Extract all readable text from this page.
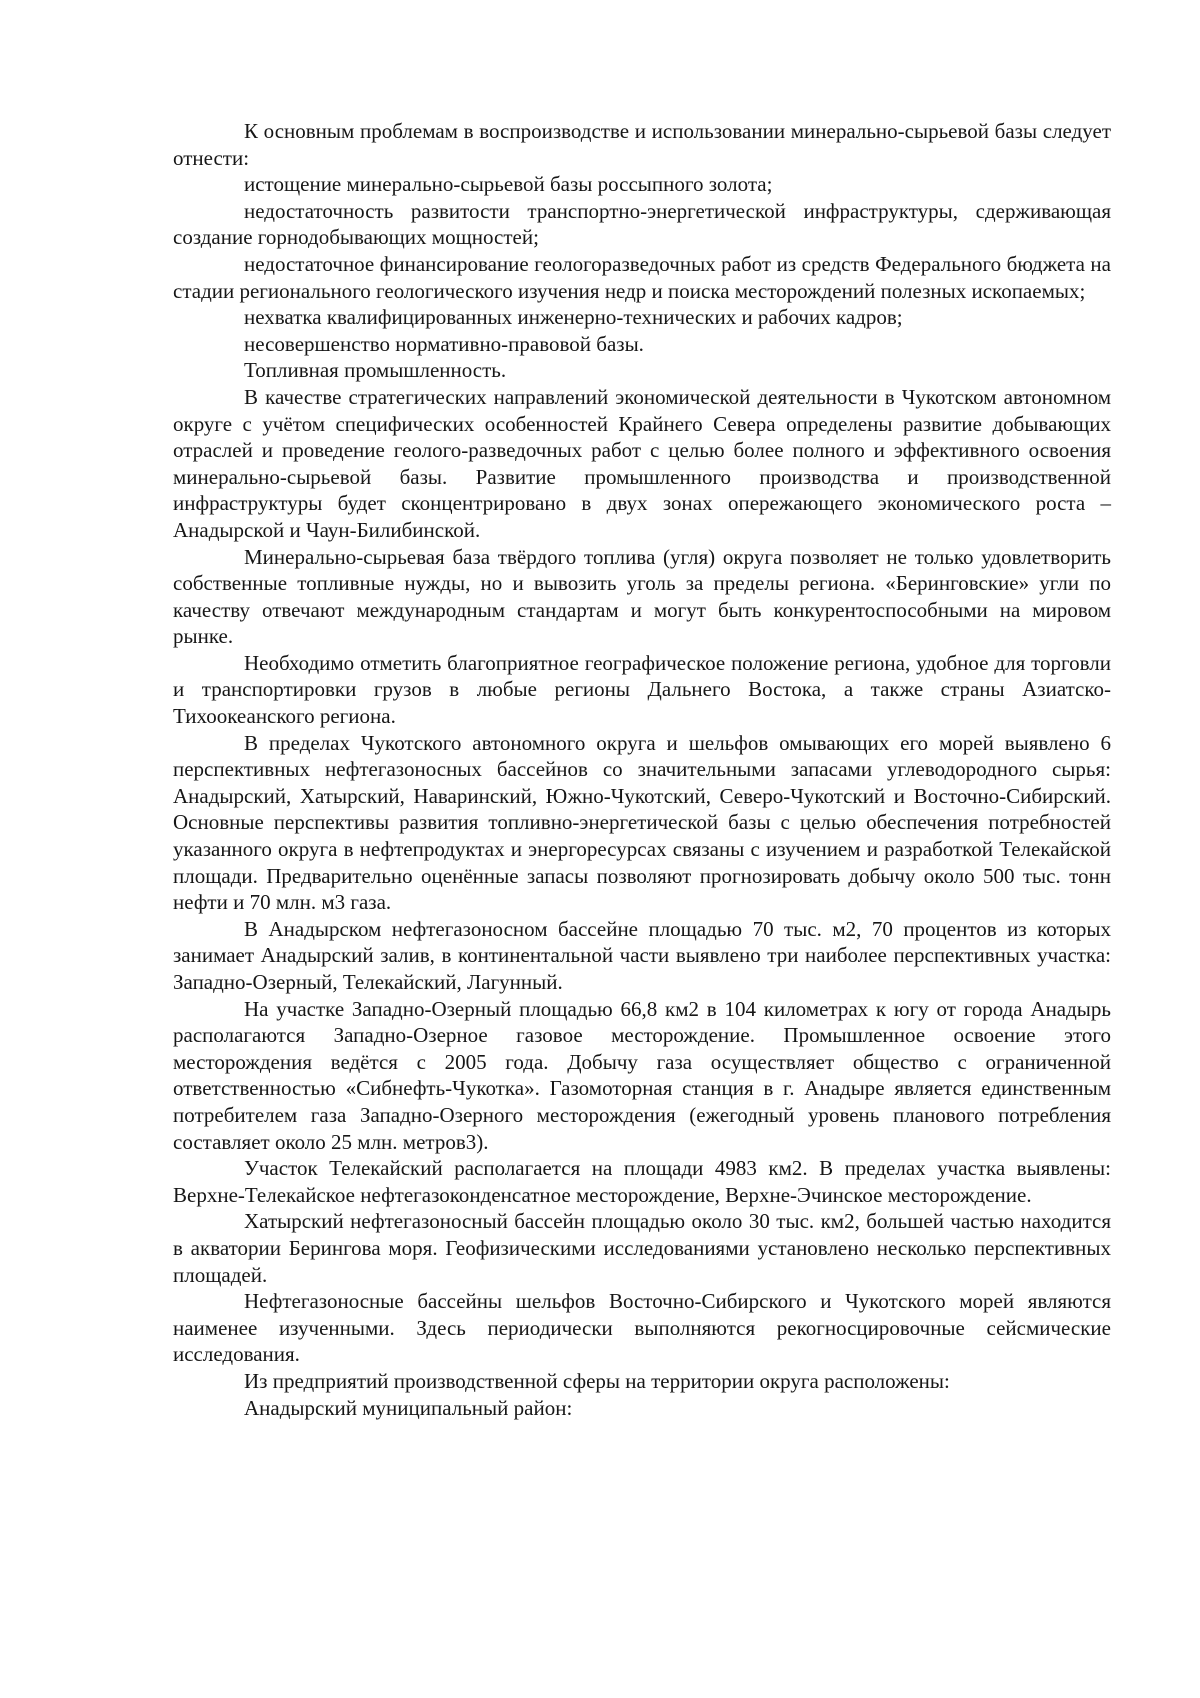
К основным проблемам в воспроизводстве и использовании минерально-сырьевой базы следует отнести:

истощение минерально-сырьевой базы россыпного золота;

недостаточность развитости транспортно-энергетической инфраструктуры, сдерживающая создание горнодобывающих мощностей;

недостаточное финансирование геологоразведочных работ из средств Федерального бюджета на стадии регионального геологического изучения недр и поиска месторождений полезных ископаемых;

нехватка квалифицированных инженерно-технических и рабочих кадров;

несовершенство нормативно-правовой базы.

Топливная промышленность.

В качестве стратегических направлений экономической деятельности в Чукотском автономном округе с учётом специфических особенностей Крайнего Севера определены развитие добывающих отраслей и проведение геолого-разведочных работ с целью более полного и эффективного освоения минерально-сырьевой базы. Развитие промышленного производства и производственной инфраструктуры будет сконцентрировано в двух зонах опережающего экономического роста – Анадырской и Чаун-Билибинской.

Минерально-сырьевая база твёрдого топлива (угля) округа позволяет не только удовлетворить собственные топливные нужды, но и вывозить уголь за пределы региона. «Беринговские» угли по качеству отвечают международным стандартам и могут быть конкурентоспособными на мировом рынке.

Необходимо отметить благоприятное географическое положение региона, удобное для торговли и транспортировки грузов в любые регионы Дальнего Востока, а также страны Азиатско-Тихоокеанского региона.

В пределах Чукотского автономного округа и шельфов омывающих его морей выявлено 6 перспективных нефтегазоносных бассейнов со значительными запасами углеводородного сырья: Анадырский, Хатырский, Наваринский, Южно-Чукотский, Северо-Чукотский и Восточно-Сибирский. Основные перспективы развития топливно-энергетической базы с целью обеспечения потребностей указанного округа в нефтепродуктах и энергоресурсах связаны с изучением и разработкой Телекайской площади. Предварительно оценённые запасы позволяют прогнозировать добычу около 500 тыс. тонн нефти и 70 млн. м3 газа.

В Анадырском нефтегазоносном бассейне площадью 70 тыс. м2, 70 процентов из которых занимает Анадырский залив, в континентальной части выявлено три наиболее перспективных участка: Западно-Озерный, Телекайский, Лагунный.

На участке Западно-Озерный площадью 66,8 км2 в 104 километрах к югу от города Анадырь располагаются Западно-Озерное газовое месторождение. Промышленное освоение этого месторождения ведётся с 2005 года. Добычу газа осуществляет общество с ограниченной ответственностью «Сибнефть-Чукотка». Газомоторная станция в г. Анадыре является единственным потребителем газа Западно-Озерного месторождения (ежегодный уровень планового потребления составляет около 25 млн. метров3).

Участок Телекайский располагается на площади 4983 км2. В пределах участка выявлены: Верхне-Телекайское нефтегазоконденсатное месторождение, Верхне-Эчинское месторождение.

Хатырский нефтегазоносный бассейн площадью около 30 тыс. км2, большей частью находится в акватории Берингова моря. Геофизическими исследованиями установлено несколько перспективных площадей.

Нефтегазоносные бассейны шельфов Восточно-Сибирского и Чукотского морей являются наименее изученными. Здесь периодически выполняются рекогносцировочные сейсмические исследования.

Из предприятий производственной сферы на территории округа расположены:

Анадырский муниципальный район:
